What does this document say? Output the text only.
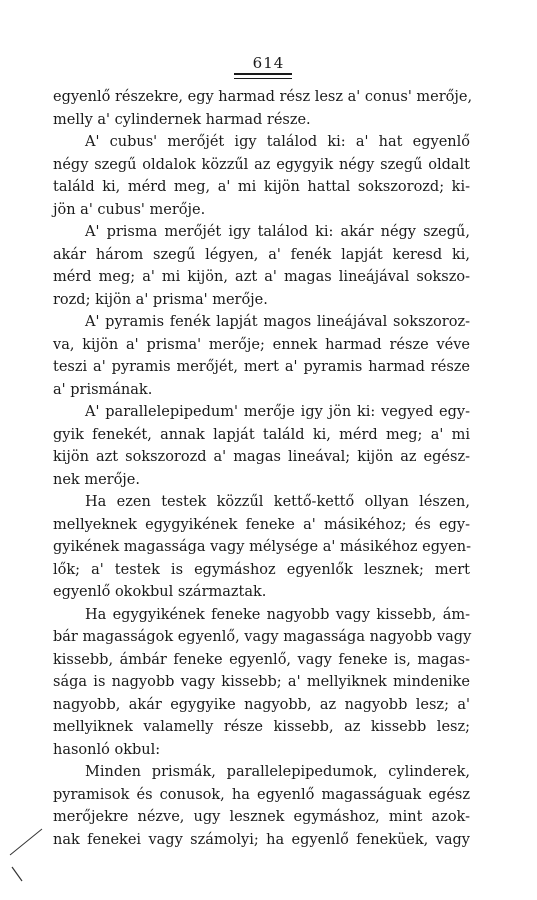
614
egyenlő részekre, egy harmad rész lesz a' conus' merője,
melly a' cylindernek harmad része.
A' cubus' merőjét igy találod ki: a' hat egyenlő
négy szegű oldalok közzűl az egygyik négy szegű oldalt
találd ki, mérd meg, a' mi kijön hattal sokszorozd; ki-
jön a' cubus' merője.
A' prisma merőjét igy találod ki: akár négy szegű,
akár három szegű légyen, a' fenék lapját keresd ki,
mérd meg; a' mi kijön, azt a' magas lineájával sokszo-
rozd; kijön a' prisma' merője.
A' pyramis fenék lapját magos lineájával sokszoroz-
va, kijön a' prisma' merője; ennek harmad része véve
teszi a' pyramis merőjét, mert a' pyramis harmad része
a' prismának.
A' parallelepipedum' merője igy jön ki: vegyed egy-
gyik fenekét, annak lapját találd ki, mérd meg; a' mi
kijön azt sokszorozd a' magas lineával; kijön az egész-
nek merője.
Ha ezen testek közzűl kettő-kettő ollyan lészen,
mellyeknek egygyikének feneke a' másikéhoz; és egy-
gyikének magassága vagy mélysége a' másikéhoz egyen-
lők; a' testek is egymáshoz egyenlők lesznek; mert
egyenlő okokbul származtak.
Ha egygyikének feneke nagyobb vagy kissebb, ám-
bár magasságok egyenlő, vagy magassága nagyobb vagy
kissebb, ámbár feneke egyenlő, vagy feneke is, magas-
sága is nagyobb vagy kissebb; a' mellyiknek mindenike
nagyobb, akár egygyike nagyobb, az nagyobb lesz; a'
mellyiknek valamelly része kissebb, az kissebb lesz;
hasonló okbul:
Minden prismák, parallelepipedumok, cylinderek,
pyramisok és conusok, ha egyenlő magasságuak egész
merőjekre nézve, ugy lesznek egymáshoz, mint azok-
nak fenekei vagy számolyi; ha egyenlő feneküek, vagy
